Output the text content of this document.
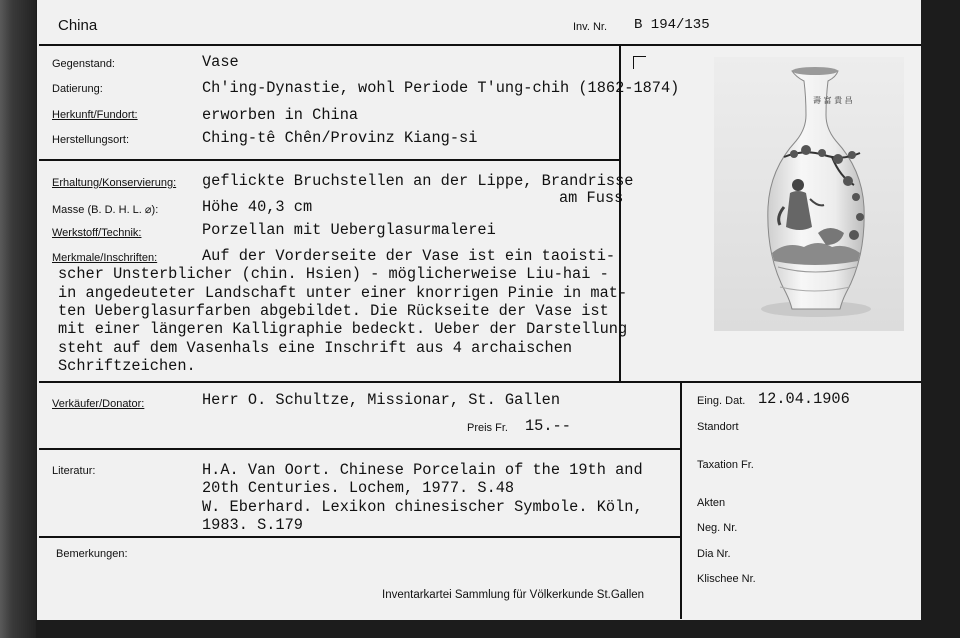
China	Inv. Nr. B 194/135
Gegenstand:	Vase
Datierung:	Ch'ing-Dynastie, wohl Periode T'ung-chih (1862-1874)
Herkunft/Fundort:	erworben in China
Herstellungsort:	Ching-tê Chên/Provinz Kiang-si
Erhaltung/Konservierung: geflickte Bruchstellen an der Lippe, Brandrisse
am Fuss
Masse (B. D. H. L. ⌀):	Höhe 40,3 cm
Werkstoff/Technik:	Porzellan mit Ueberglasurmalerei
Merkmale/Inschriften:	Auf der Vorderseite der Vase ist ein taoisti-
scher Unsterblicher (chin. Hsien) - möglicherweise Liu-hai -
in angedeuteter Landschaft unter einer knorrigen Pinie in mat-
ten Ueberglasurfarben abgebildet. Die Rückseite der Vase ist
mit einer längeren Kalligraphie bedeckt. Ueber der Darstellung
steht auf dem Vasenhals eine Inschrift aus 4 archaischen
Schriftzeichen.
Verkäufer/Donator:	Herr O. Schultze, Missionar, St. Gallen
Preis Fr. 15.--
Literatur:	H.A. Van Oort. Chinese Porcelain of the 19th and
20th Centuries. Lochem, 1977. S.48
W. Eberhard. Lexikon chinesischer Symbole. Köln,
1983. S.179
Bemerkungen:
Inventarkartei Sammlung für Völkerkunde St.Gallen
Eing. Dat. 12.04.1906
Standort
Taxation Fr.
Akten
Neg. Nr.
Dia Nr.
Klischee Nr.
壽 富 貴 昌
